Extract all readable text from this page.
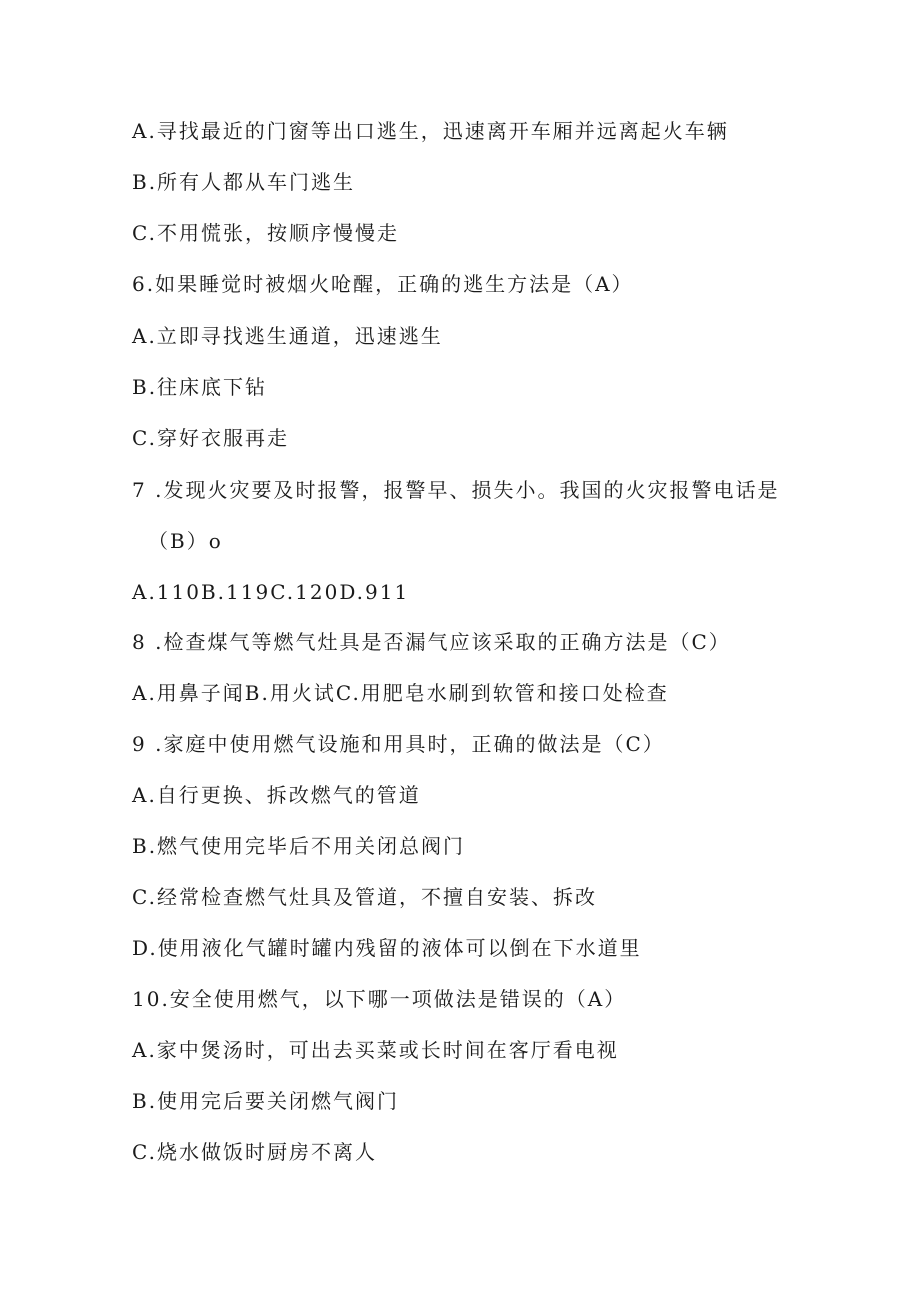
A.寻找最近的门窗等出口逃生，迅速离开车厢并远离起火车辆
B.所有人都从车门逃生
C.不用慌张，按顺序慢慢走
6.如果睡觉时被烟火呛醒，正确的逃生方法是（A）
A.立即寻找逃生通道，迅速逃生
B.往床底下钻
C.穿好衣服再走
7 .发现火灾要及时报警，报警早、损失小。我国的火灾报警电话是
（B）o
A.110B.119C.120D.911
8 .检查煤气等燃气灶具是否漏气应该采取的正确方法是（C）
A.用鼻子闻B.用火试C.用肥皂水刷到软管和接口处检查
9 .家庭中使用燃气设施和用具时，正确的做法是（C）
A.自行更换、拆改燃气的管道
B.燃气使用完毕后不用关闭总阀门
C.经常检查燃气灶具及管道，不擅自安装、拆改
D.使用液化气罐时罐内残留的液体可以倒在下水道里
10.安全使用燃气，以下哪一项做法是错误的（A）
A.家中煲汤时，可出去买菜或长时间在客厅看电视
B.使用完后要关闭燃气阀门
C.烧水做饭时厨房不离人
